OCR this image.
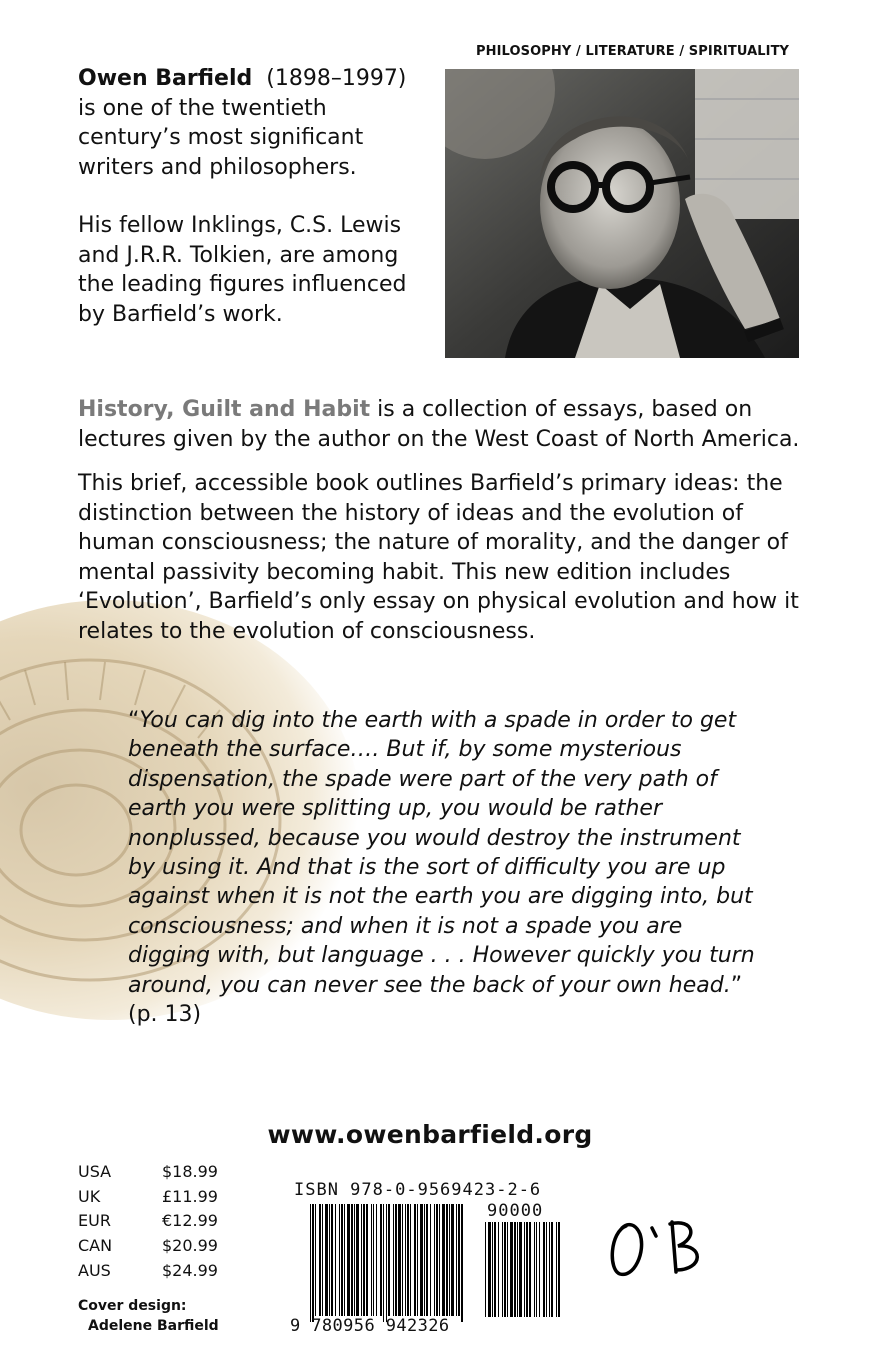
PHILOSOPHY / LITERATURE / SPIRITUALITY

Owen Barfield (1898–1997) is one of the twentieth century’s most significant writers and philosophers.

His fellow Inklings, C.S. Lewis and J.R.R. Tolkien, are among the leading figures influenced by Barfield’s work.

History, Guilt and Habit is a collection of essays, based on lectures given by the author on the West Coast of North America.

This brief, accessible book outlines Barfield’s primary ideas: the distinction between the history of ideas and the evolution of human consciousness; the nature of morality, and the danger of mental passivity becoming habit. This new edition includes ‘Evolution’, Barfield’s only essay on physical evolution and how it relates to the evolution of consciousness.

“You can dig into the earth with a spade in order to get beneath the surface…. But if, by some mysterious dispensation, the spade were part of the very path of earth you were splitting up, you would be rather nonplussed, because you would destroy the instrument by using it. And that is the sort of difficulty you are up against when it is not the earth you are digging into, but consciousness; and when it is not a spade you are digging with, but language . . . However quickly you turn around, you can never see the back of your own head.” (p. 13)
www.owenbarfield.org
USA	$18.99
UK	£11.99
EUR	€12.99
CAN	$20.99
AUS	$24.99
Cover design:
Adelene Barfield
ISBN 978-0-9569423-2-6
90000
9 780956 942326
